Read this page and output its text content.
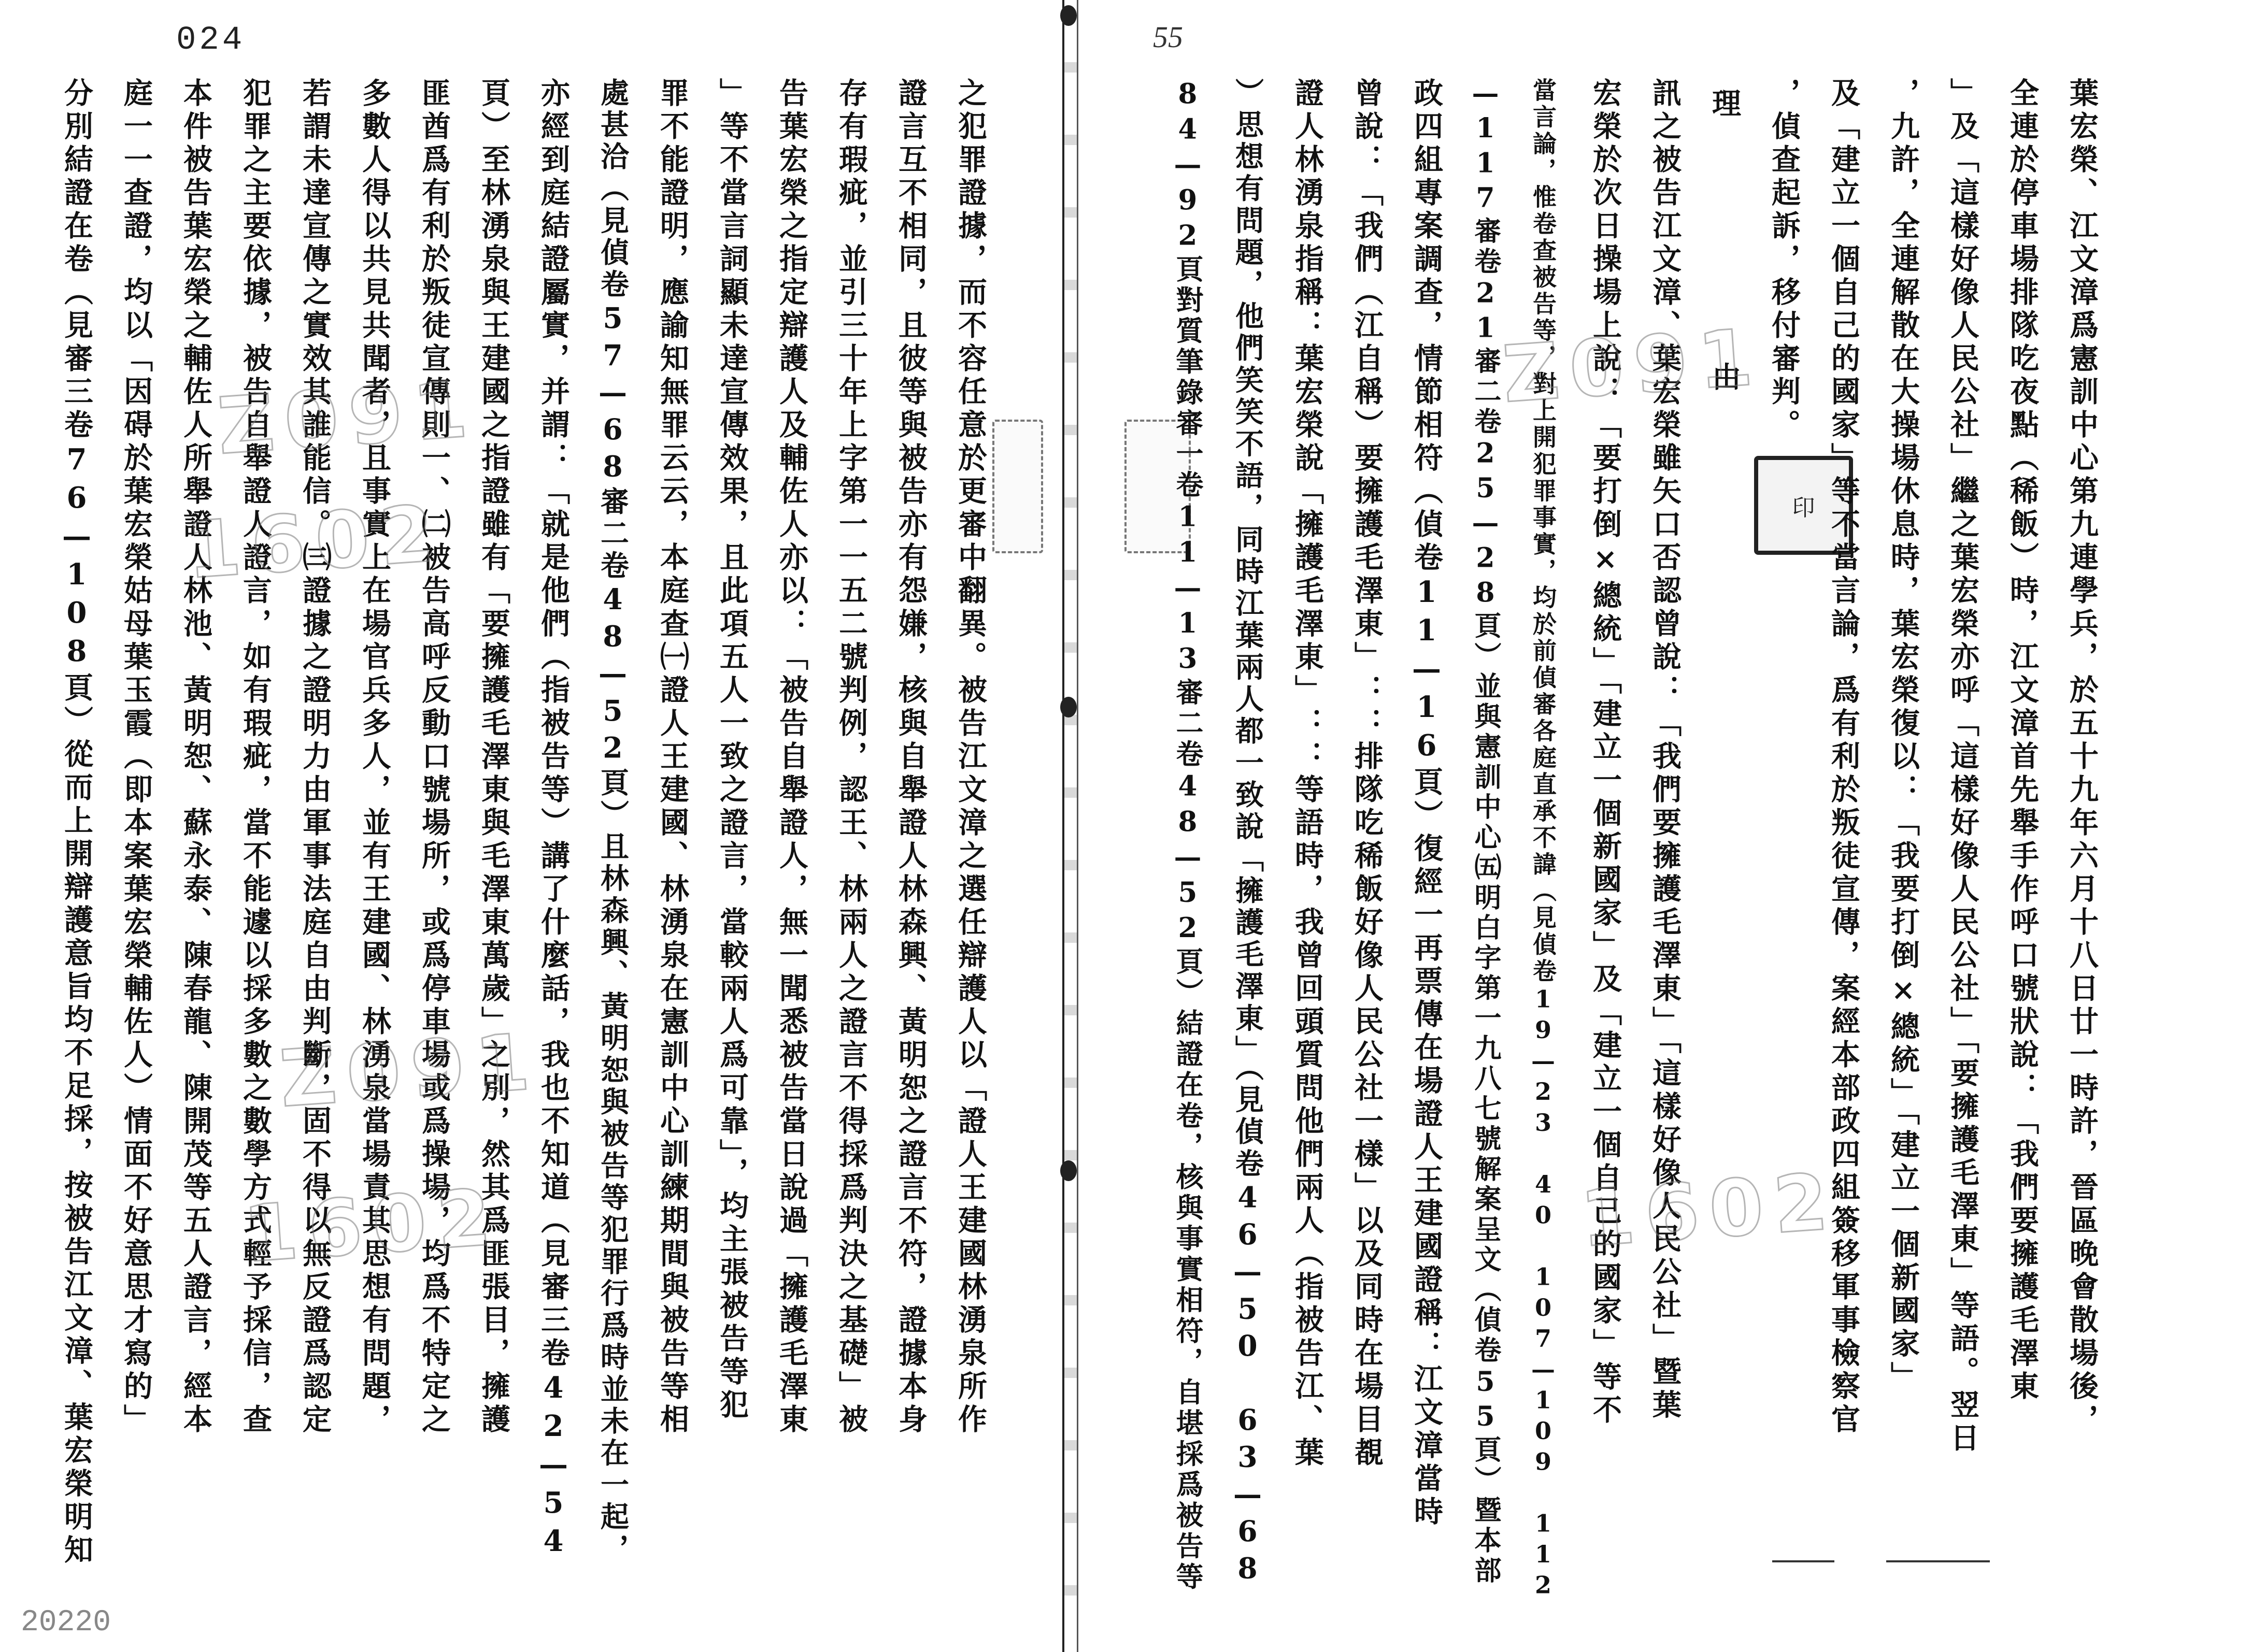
024	55
20220
印
之犯罪證據，而不容任意於更審中翻異。被告江文漳之選任辯護人以「證人王建國林湧泉所作
證言互不相同，且彼等與被告亦有怨嫌，核與自舉證人林森興、黃明恕之證言不符，證據本身
存有瑕疵，並引三十年上字第一一五二號判例，認王、林兩人之證言不得採爲判決之基礎」被
告葉宏榮之指定辯護人及輔佐人亦以：「被告自舉證人，無一聞悉被告當日說過「擁護毛澤東
」等不當言詞顯未達宣傳效果，且此項五人一致之證言，當較兩人爲可靠」，均主張被告等犯
罪不能證明，應諭知無罪云云，本庭查㈠證人王建國、林湧泉在憲訓中心訓練期間與被告等相
處甚洽（見偵卷57—68審二卷48—52頁）且林森興、黃明恕與被告等犯罪行爲時並未在一起，
亦經到庭結證屬實，并謂：「就是他們（指被告等）講了什麼話，我也不知道（見審三卷42—54
頁）至林湧泉與王建國之指證雖有「要擁護毛澤東與毛澤東萬歲」之別，然其爲匪張目，擁護
匪酋爲有利於叛徒宣傳則一、㈡被告高呼反動口號場所，或爲停車場或爲操場，均爲不特定之
多數人得以共見共聞者，且事實上在場官兵多人，並有王建國、林湧泉當場責其思想有問題，
若謂未達宣傳之實效其誰能信。㈢證據之證明力由軍事法庭自由判斷，固不得以無反證爲認定
犯罪之主要依據，被告自舉證人證言，如有瑕疵，當不能遽以採多數之數學方式輕予採信，查
本件被告葉宏榮之輔佐人所舉證人林池、黃明恕、蘇永泰、陳春龍、陳開茂等五人證言，經本
庭一一查證，均以「因碍於葉宏榮姑母葉玉霞（即本案葉宏榮輔佐人）情面不好意思才寫的」
分別結證在卷（見審三卷76—108頁）從而上開辯護意旨均不足採，按被告江文漳、葉宏榮明知	葉宏榮、江文漳爲憲訓中心第九連學兵，於五十九年六月十八日廿一時許，晉區晚會散場後，
全連於停車場排隊吃夜點（稀飯）時，江文漳首先舉手作呼口號狀說：「我們要擁護毛澤東
」及「這樣好像人民公社」繼之葉宏榮亦呼「這樣好像人民公社」「要擁護毛澤東」等語。翌日
，九許，全連解散在大操場休息時，葉宏榮復以：「我要打倒×總統」「建立一個新國家」
及「建立一個自己的國家」等不當言論，爲有利於叛徒宣傳，案經本部政四組簽移軍事檢察官
，偵查起訴，移付審判。
理　　由
訊之被告江文漳、葉宏榮雖矢口否認曾說：「我們要擁護毛澤東」「這樣好像人民公社」暨葉
宏榮於次日操場上說：「要打倒×總統」「建立一個新國家」及「建立一個自己的國家」等不
當言論，惟卷查被告等，對上開犯罪事實，均於前偵審各庭直承不諱（見偵卷19—23 40 107—109 112
—117審卷21審二卷25—28頁）並與憲訓中心㈤明白字第一九八七號解案呈文（偵卷55頁）暨本部
政四組專案調查，情節相符（偵卷11—16頁）復經一再票傳在場證人王建國證稱：江文漳當時
曾說：「我們（江自稱）要擁護毛澤東」：：排隊吃稀飯好像人民公社一樣」以及同時在場目覩
證人林湧泉指稱：葉宏榮說「擁護毛澤東」：：等語時，我曾回頭質問他們兩人（指被告江、葉
）思想有問題，他們笑笑不語，同時江葉兩人都一致說「擁護毛澤東」（見偵卷46—50 63—68
84—92頁對質筆錄審一卷11—13審二卷48—52頁）結證在卷，核與事實相符，自堪採爲被告等
Z091
1602
Z091
1602
Z091
1602
